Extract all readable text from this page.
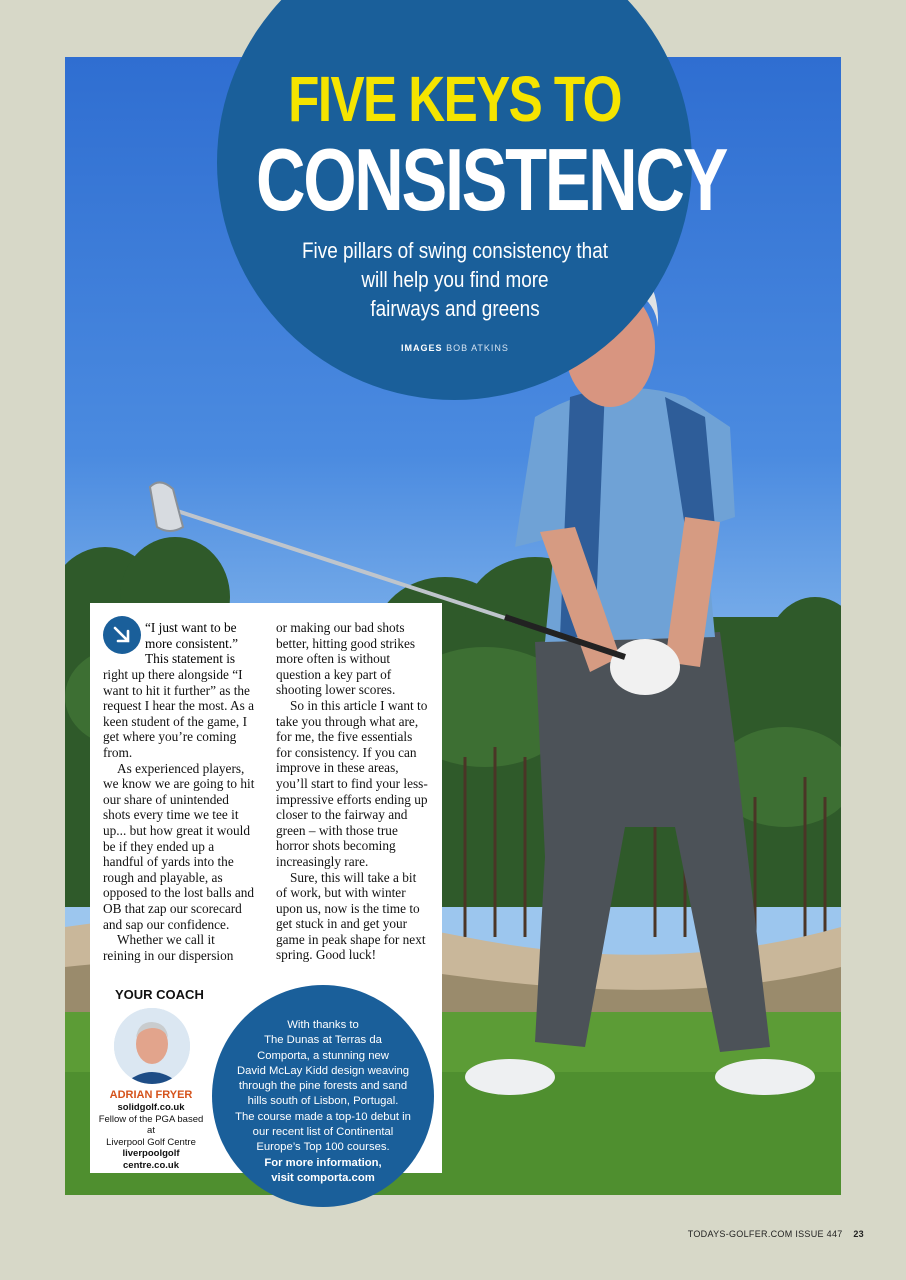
FIVE KEYS TO
CONSISTENCY
Five pillars of swing consistency that
will help you find more
fairways and greens
IMAGES BOB ATKINS
“I just want to be
more consistent.”
This statement is

right up there alongside “I want to hit it further” as the request I hear the most. As a keen student of the game, I get where you’re coming from.

As experienced players, we know we are going to hit our share of unintended shots every time we tee it up... but how great it would be if they ended up a handful of yards into the rough and playable, as opposed to the lost balls and OB that zap our scorecard and sap our confidence.

Whether we call it reining in our dispersion

or making our bad shots better, hitting good strikes more often is without question a key part of shooting lower scores.

So in this article I want to take you through what are, for me, the five essentials for consistency. If you can improve in these areas, you’ll start to find your less-impressive efforts ending up closer to the fairway and green – with those true horror shots becoming increasingly rare.

Sure, this will take a bit of work, but with winter upon us, now is the time to get stuck in and get your game in peak shape for next spring. Good luck!

YOUR COACH
ADRIAN FRYER
solidgolf.co.uk
Fellow of the PGA based at
Liverpool Golf Centre
liverpoolgolf
centre.co.uk
With thanks to
The Dunas at Terras da
Comporta, a stunning new
David McLay Kidd design weaving
through the pine forests and sand
hills south of Lisbon, Portugal.
The course made a top-10 debut in
our recent list of Continental
Europe’s Top 100 courses.
For more information,
visit comporta.com
TODAYS-GOLFER.COM ISSUE 447 23
